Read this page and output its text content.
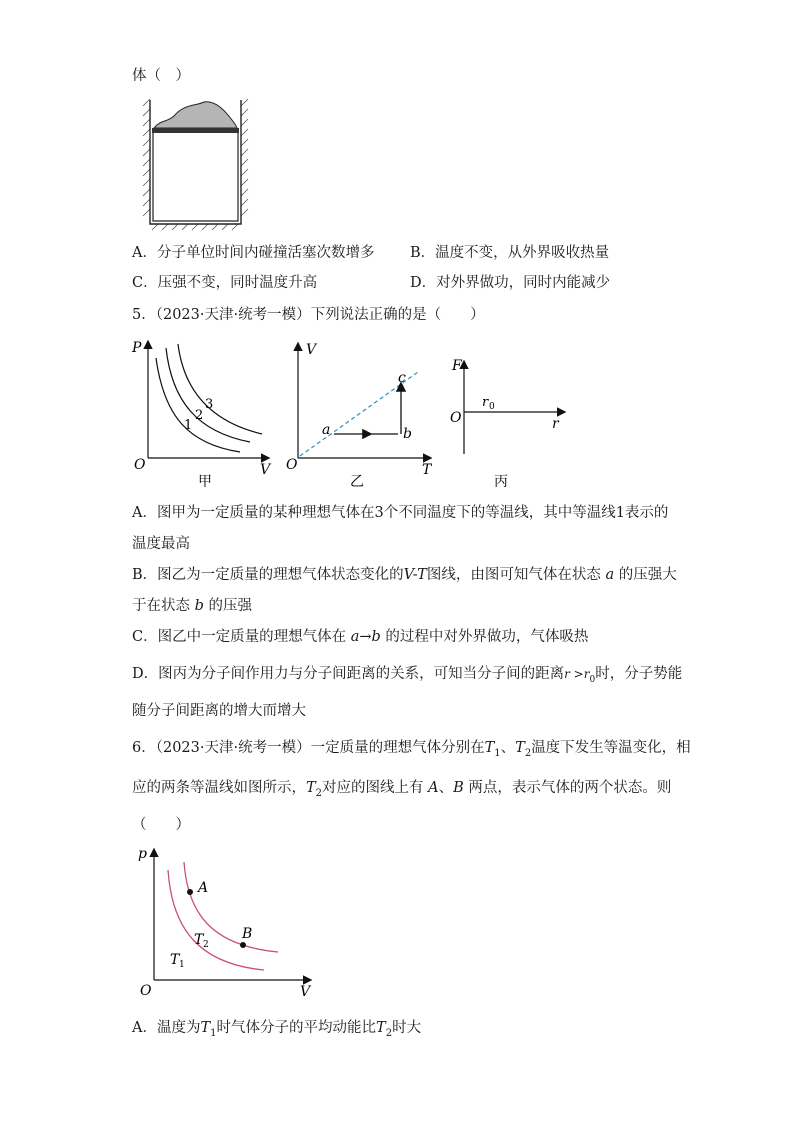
体（　）
A．分子单位时间内碰撞活塞次数增多 B．温度不变，从外界吸收热量
C．压强不变，同时温度升高	D．对外界做功，同时内能减少
5．（2023·天津·统考一模）下列说法正确的是（　　）
P
O	V
1
2
3
甲
V
O	T
a	b
c
乙
F
O	r
r 0
丙
A．图甲为一定质量的某种理想气体在3个不同温度下的等温线，其中等温线1表示的
温度最高
B．图乙为一定质量的理想气体状态变化的V-T图线，由图可知气体在状态 a 的压强大
于在状态 b 的压强
C．图乙中一定质量的理想气体在 a→b 的过程中对外界做功，气体吸热
D．图丙为分子间作用力与分子间距离的关系，可知当分子间的距离$r >r_0$时，分子势能
随分子间距离的增大而增大
6．（2023·天津·统考一模）一定质量的理想气体分别在$T_1$、$T_2$温度下发生等温变化，相
应的两条等温线如图所示，$T_2$对应的图线上有 A、B 两点，表示气体的两个状态。则
（　　）
p
O	V
A
B
T 2
T 1
A．温度为$T_1$时气体分子的平均动能比$T_2$时大
